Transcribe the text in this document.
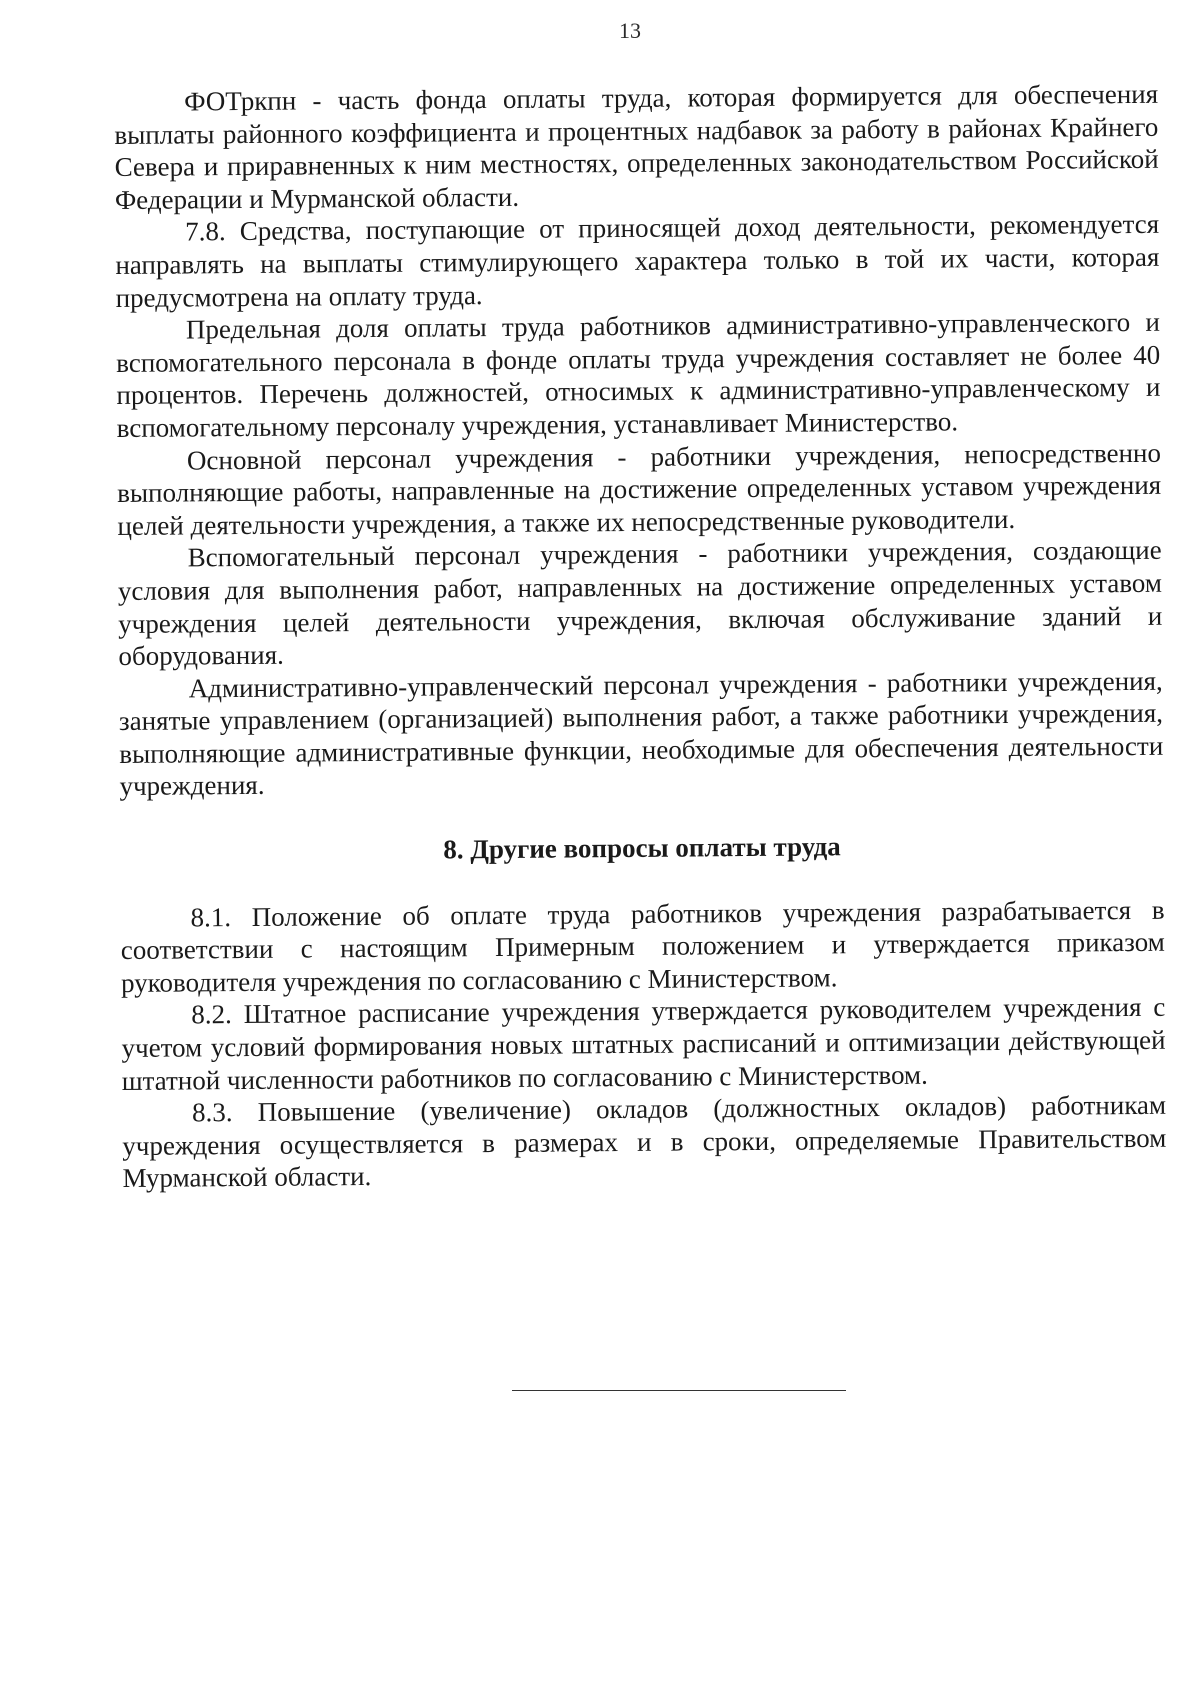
13

ФОТркпн - часть фонда оплаты труда, которая формируется для обеспечения выплаты районного коэффициента и процентных надбавок за работу в районах Крайнего Севера и приравненных к ним местностях, определенных законодательством Российской Федерации и Мурманской области.

7.8. Средства, поступающие от приносящей доход деятельности, рекомендуется направлять на выплаты стимулирующего характера только в той их части, которая предусмотрена на оплату труда.

Предельная доля оплаты труда работников административно-управленческого и вспомогательного персонала в фонде оплаты труда учреждения составляет не более 40 процентов. Перечень должностей, относимых к административно-управленческому и вспомогательному персоналу учреждения, устанавливает Министерство.

Основной персонал учреждения - работники учреждения, непосредственно выполняющие работы, направленные на достижение определенных уставом учреждения целей деятельности учреждения, а также их непосредственные руководители.

Вспомогательный персонал учреждения - работники учреждения, создающие условия для выполнения работ, направленных на достижение определенных уставом учреждения целей деятельности учреждения, включая обслуживание зданий и оборудования.

Административно-управленческий персонал учреждения - работники учреждения, занятые управлением (организацией) выполнения работ, а также работники учреждения, выполняющие административные функции, необходимые для обеспечения деятельности учреждения.

8. Другие вопросы оплаты труда

8.1. Положение об оплате труда работников учреждения разрабатывается в соответствии с настоящим Примерным положением и утверждается приказом руководителя учреждения по согласованию с Министерством.

8.2. Штатное расписание учреждения утверждается руководителем учреждения с учетом условий формирования новых штатных расписаний и оптимизации действующей штатной численности работников по согласованию с Министерством.

8.3. Повышение (увеличение) окладов (должностных окладов) работникам учреждения осуществляется в размерах и в сроки, определяемые Правительством Мурманской области.
